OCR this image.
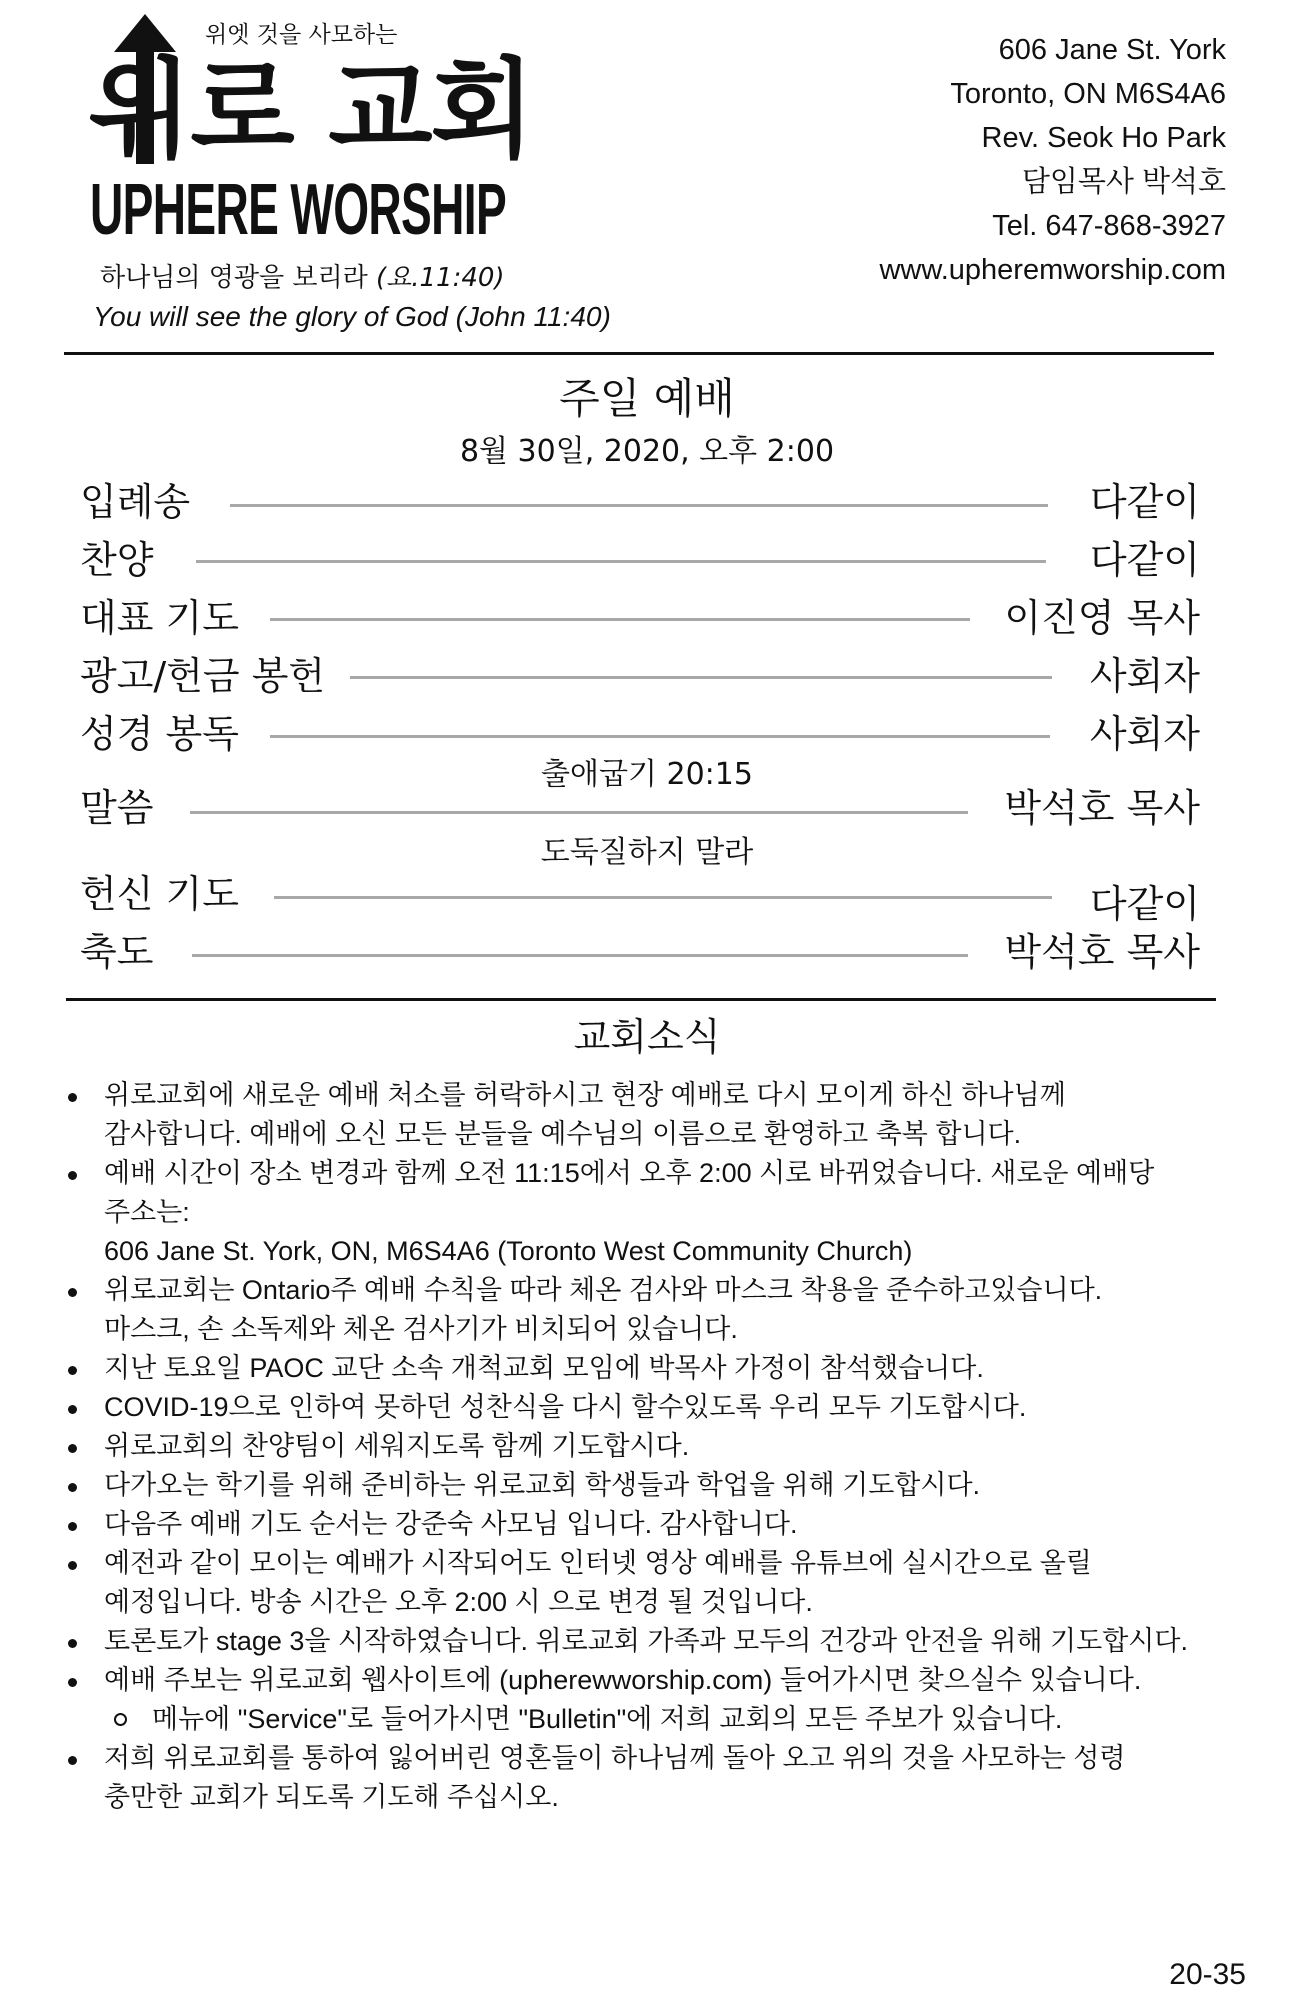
위엣 것을 사모하는
위로 교회
UPHERE WORSHIP
하나님의 영광을 보리라 (요.11:40)
You will see the glory of God (John 11:40)
606 Jane St. York
Toronto, ON M6S4A6
Rev. Seok Ho Park
담임목사 박석호
Tel. 647-868-3927
www.upheremworship.com
주일 예배
8월 30일, 2020, 오후 2:00
입례송	다같이
찬양	다같이
대표 기도	이진영 목사
광고/헌금 봉헌	사회자
성경 봉독	사회자
출애굽기 20:15
말씀	박석호 목사
도둑질하지 말라
헌신 기도	다같이
축도	박석호 목사
교회소식
위로교회에 새로운 예배 처소를 허락하시고 현장 예배로 다시 모이게 하신 하나님께
감사합니다. 예배에 오신 모든 분들을 예수님의 이름으로 환영하고 축복 합니다.
예배 시간이 장소 변경과 함께 오전 11:15에서 오후 2:00 시로 바뀌었습니다. 새로운 예배당
주소는:
606 Jane St. York, ON, M6S4A6 (Toronto West Community Church)
위로교회는 Ontario주 예배 수칙을 따라 체온 검사와 마스크 착용을 준수하고있습니다.
마스크, 손 소독제와 체온 검사기가 비치되어 있습니다.
지난 토요일 PAOC 교단 소속 개척교회 모임에 박목사 가정이 참석했습니다.
COVID-19으로 인하여 못하던 성찬식을 다시 할수있도록 우리 모두 기도합시다.
위로교회의 찬양팀이 세워지도록 함께 기도합시다.
다가오는 학기를 위해 준비하는 위로교회 학생들과 학업을 위해 기도합시다.
다음주 예배 기도 순서는 강준숙 사모님 입니다. 감사합니다.
예전과 같이 모이는 예배가 시작되어도 인터넷 영상 예배를 유튜브에 실시간으로 올릴
예정입니다. 방송 시간은 오후 2:00 시 으로 변경 될 것입니다.
토론토가 stage 3을 시작하였습니다. 위로교회 가족과 모두의 건강과 안전을 위해 기도합시다.
예배 주보는 위로교회 웹사이트에 (upherewworship.com) 들어가시면 찾으실수 있습니다.
메뉴에 "Service"로 들어가시면 "Bulletin"에 저희 교회의 모든 주보가 있습니다.
저희 위로교회를 통하여 잃어버린 영혼들이 하나님께 돌아 오고 위의 것을 사모하는 성령
충만한 교회가 되도록 기도해 주십시오.
20-35
